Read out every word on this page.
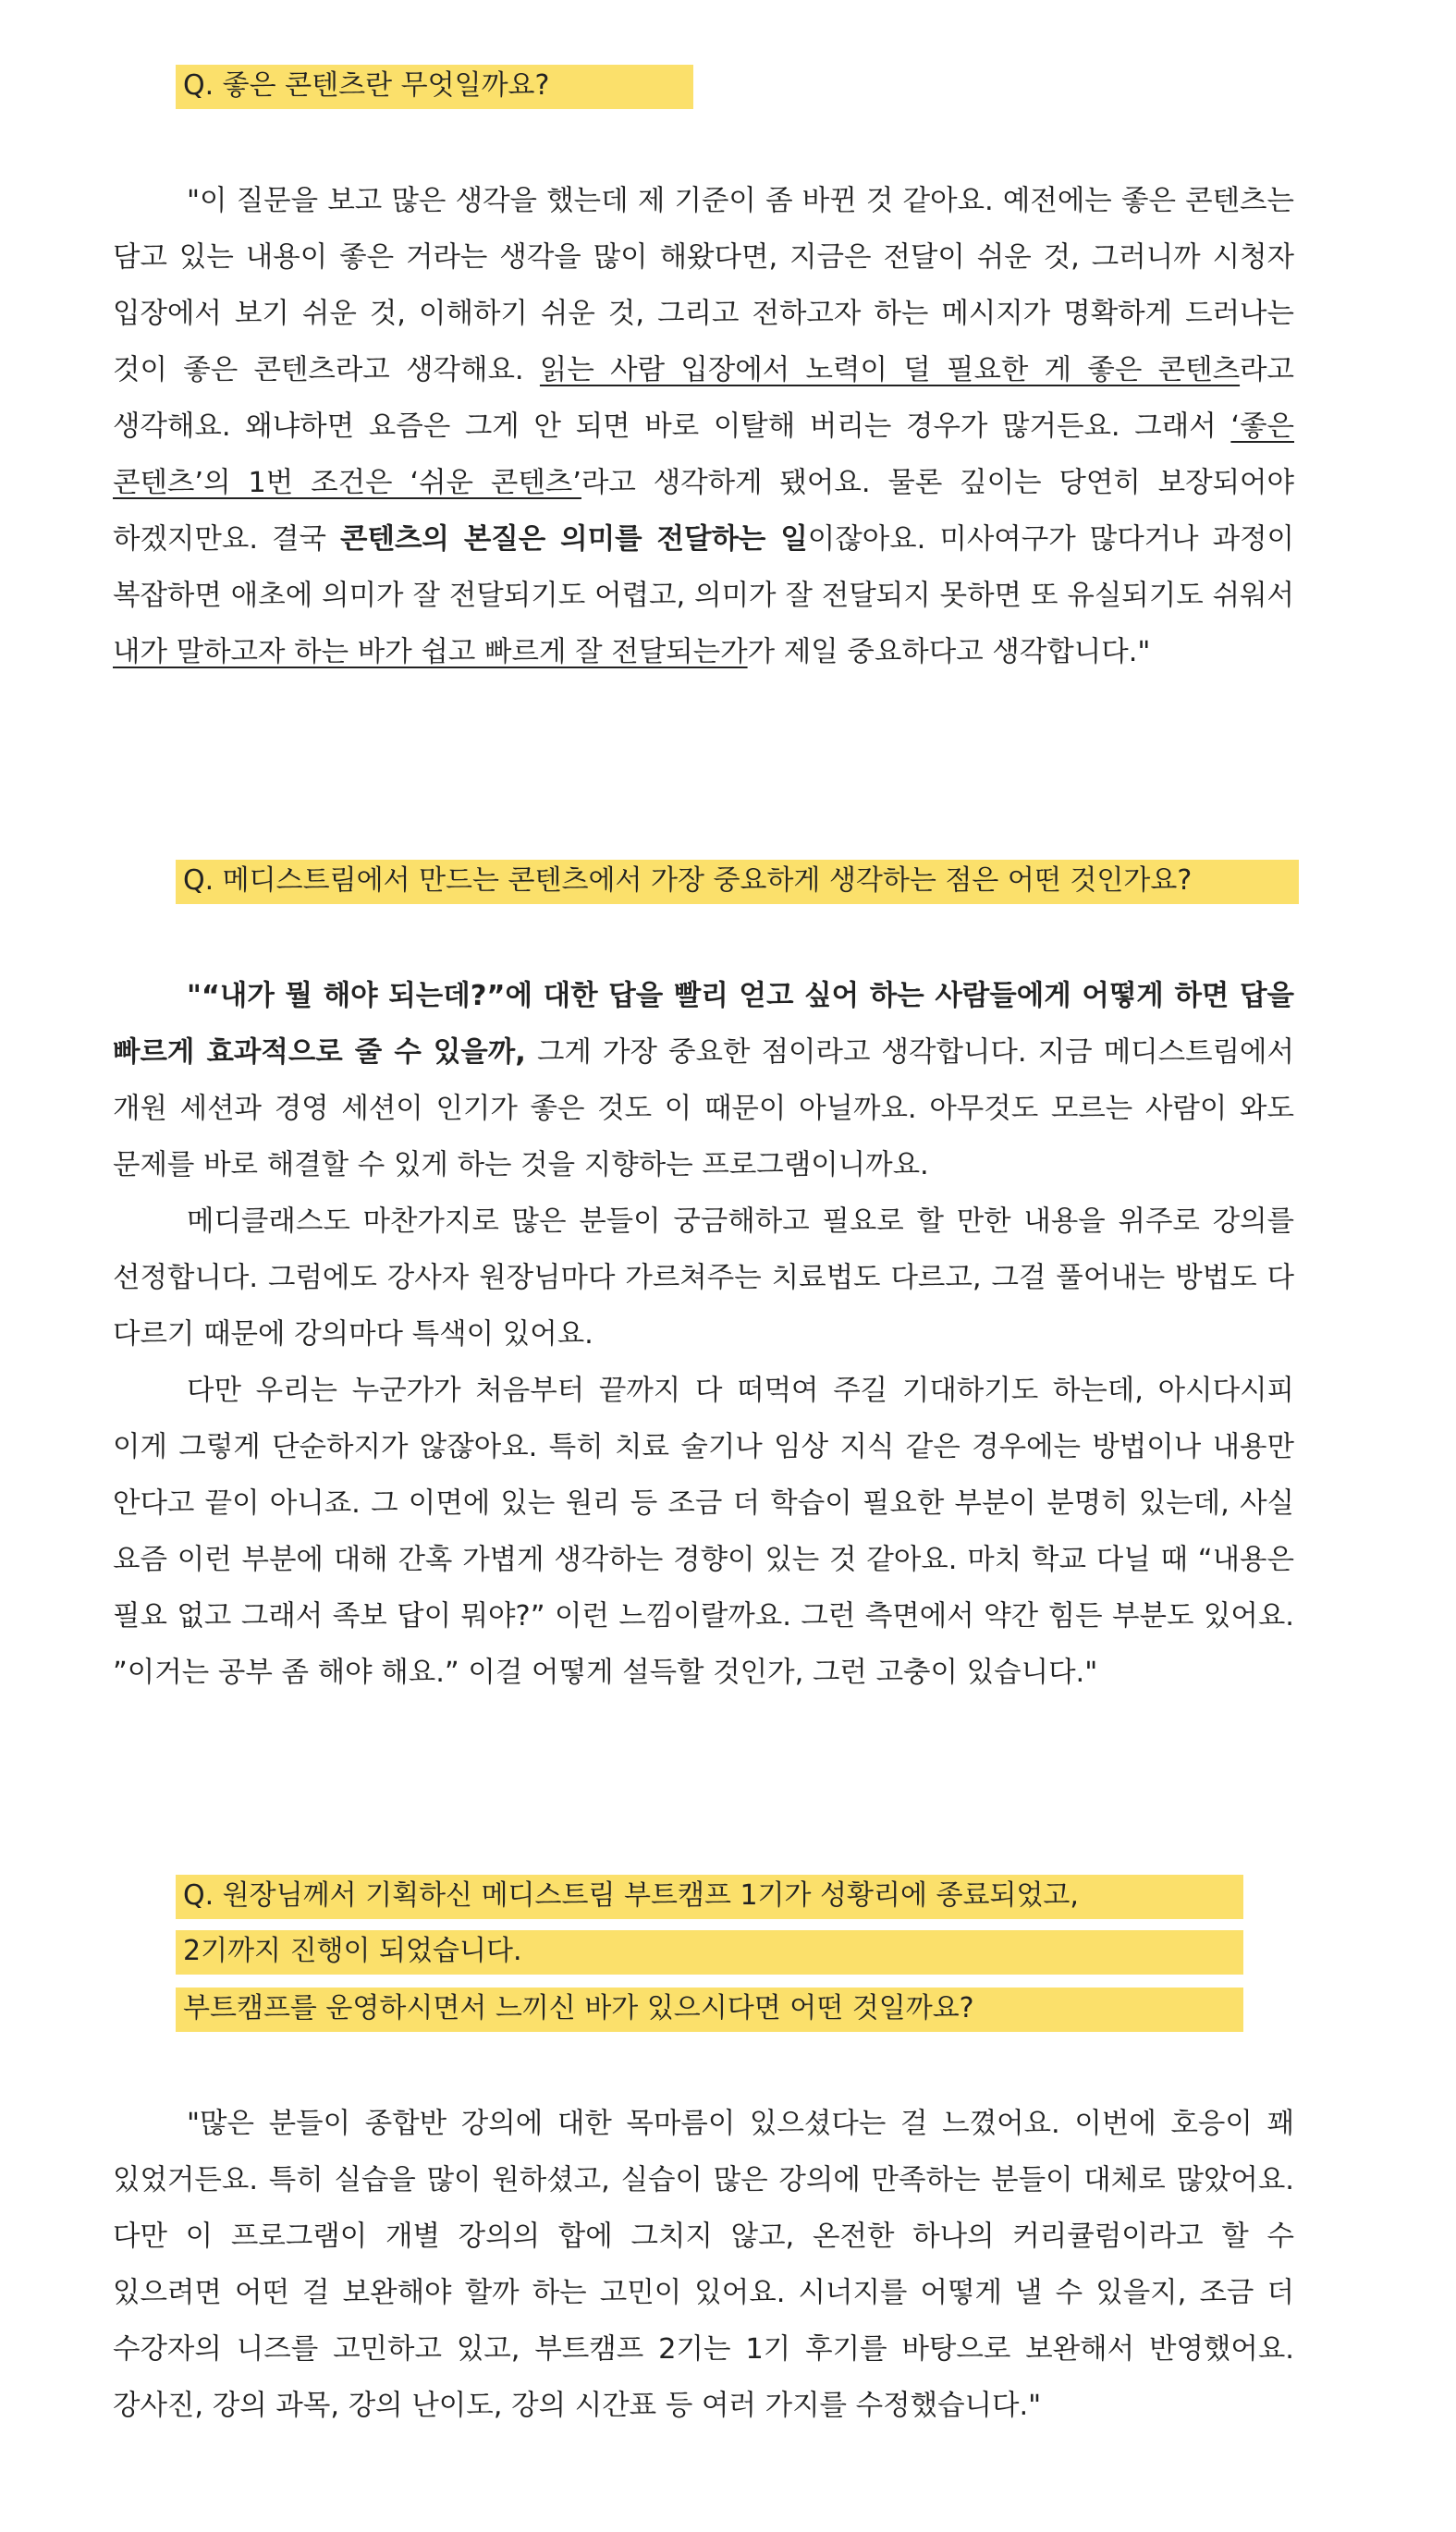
Q. 좋은 콘텐츠란 무엇일까요?
"이 질문을 보고 많은 생각을 했는데 제 기준이 좀 바뀐 것 같아요. 예전에는 좋은 콘텐츠는 담고 있는 내용이 좋은 거라는 생각을 많이 해왔다면, 지금은 전달이 쉬운 것, 그러니까 시청자 입장에서 보기 쉬운 것, 이해하기 쉬운 것, 그리고 전하고자 하는 메시지가 명확하게 드러나는 것이 좋은 콘텐츠라고 생각해요. 읽는 사람 입장에서 노력이 덜 필요한 게 좋은 콘텐츠라고 생각해요. 왜냐하면 요즘은 그게 안 되면 바로 이탈해 버리는 경우가 많거든요. 그래서 ‘좋은 콘텐츠’의 1번 조건은 ‘쉬운 콘텐츠’라고 생각하게 됐어요. 물론 깊이는 당연히 보장되어야 하겠지만요. 결국 콘텐츠의 본질은 의미를 전달하는 일이잖아요. 미사여구가 많다거나 과정이 복잡하면 애초에 의미가 잘 전달되기도 어렵고, 의미가 잘 전달되지 못하면 또 유실되기도 쉬워서 내가 말하고자 하는 바가 쉽고 빠르게 잘 전달되는가가 제일 중요하다고 생각합니다."
Q. 메디스트림에서 만드는 콘텐츠에서 가장 중요하게 생각하는 점은 어떤 것인가요?
"“내가 뭘 해야 되는데?”에 대한 답을 빨리 얻고 싶어 하는 사람들에게 어떻게 하면 답을 빠르게 효과적으로 줄 수 있을까, 그게 가장 중요한 점이라고 생각합니다. 지금 메디스트림에서 개원 세션과 경영 세션이 인기가 좋은 것도 이 때문이 아닐까요. 아무것도 모르는 사람이 와도 문제를 바로 해결할 수 있게 하는 것을 지향하는 프로그램이니까요.
메디클래스도 마찬가지로 많은 분들이 궁금해하고 필요로 할 만한 내용을 위주로 강의를 선정합니다. 그럼에도 강사자 원장님마다 가르쳐주는 치료법도 다르고, 그걸 풀어내는 방법도 다 다르기 때문에 강의마다 특색이 있어요.
다만 우리는 누군가가 처음부터 끝까지 다 떠먹여 주길 기대하기도 하는데, 아시다시피 이게 그렇게 단순하지가 않잖아요. 특히 치료 술기나 임상 지식 같은 경우에는 방법이나 내용만 안다고 끝이 아니죠. 그 이면에 있는 원리 등 조금 더 학습이 필요한 부분이 분명히 있는데, 사실 요즘 이런 부분에 대해 간혹 가볍게 생각하는 경향이 있는 것 같아요. 마치 학교 다닐 때 “내용은 필요 없고 그래서 족보 답이 뭐야?” 이런 느낌이랄까요. 그런 측면에서 약간 힘든 부분도 있어요. ”이거는 공부 좀 해야 해요.” 이걸 어떻게 설득할 것인가, 그런 고충이 있습니다."
Q. 원장님께서 기획하신 메디스트림 부트캠프 1기가 성황리에 종료되었고,
2기까지 진행이 되었습니다.
부트캠프를 운영하시면서 느끼신 바가 있으시다면 어떤 것일까요?
"많은 분들이 종합반 강의에 대한 목마름이 있으셨다는 걸 느꼈어요. 이번에 호응이 꽤 있었거든요. 특히 실습을 많이 원하셨고, 실습이 많은 강의에 만족하는 분들이 대체로 많았어요. 다만 이 프로그램이 개별 강의의 합에 그치지 않고, 온전한 하나의 커리큘럼이라고 할 수 있으려면 어떤 걸 보완해야 할까 하는 고민이 있어요. 시너지를 어떻게 낼 수 있을지, 조금 더 수강자의 니즈를 고민하고 있고, 부트캠프 2기는 1기 후기를 바탕으로 보완해서 반영했어요. 강사진, 강의 과목, 강의 난이도, 강의 시간표 등 여러 가지를 수정했습니다."
